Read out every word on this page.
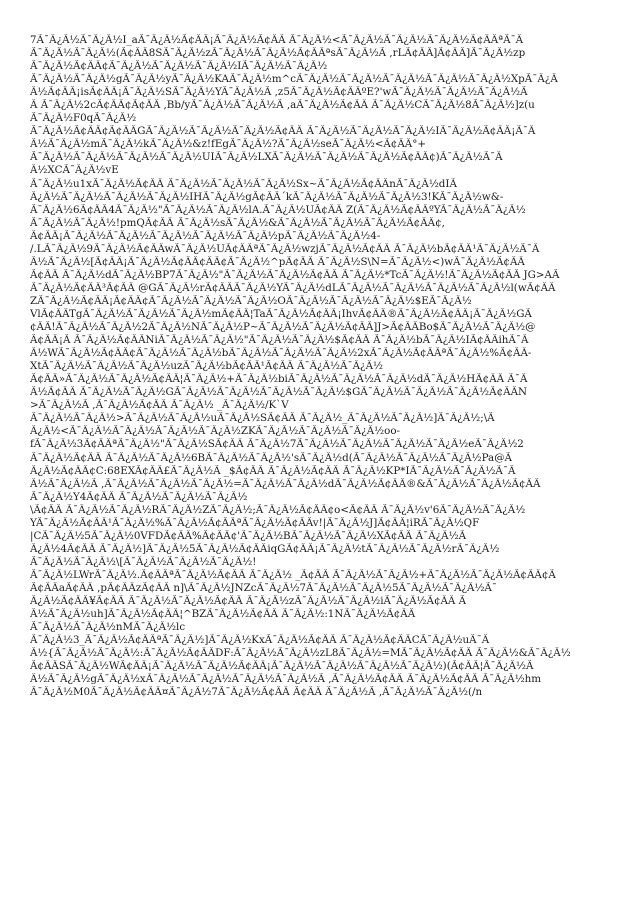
7Ã¯Â¿Â½Ã¯Â¿Â½I_aÃ¯Â¿Â½Ã¢ÂÂ¡Ã¯Â¿Â½Ã¢ÂÂ Ã¯Â¿Â½<Ã¯Â¿Â½Ã¯Â¿Â½Ã¯Â¿Â½Ã¢ÂÂªÃ¯Â
Ã¯Â¿Â½Ã¯Â¿Â½(Ã¢ÂÂ8SÃ¯Â¿Â½zÃ¯Â¿Â½Ã¯Â¿Â½Ã¢ÂÂªsÃ¯Â¿Â½Ã ,rLÃ¢ÂÂ]Ã¢ÂÂ]Ã¯Â¿Â½zp
Ã¯Â¿Â½Ã¢ÂÂ¢Ã¯Â¿Â½Ã¯Â¿Â½Ã¯Â¿Â½IÃ¯Â¿Â½Ã¯Â¿Â½
Ã¯Â¿Â½Ã¯Â¿Â½gÃ¯Â¿Â½yÃ¯Â¿Â½KAÃ¯Â¿Â½m^cÃ¯Â¿Â½Ã¯Â¿Â½Ã¯Â¿Â½Ã¯Â¿Â½Ã¯Â¿Â½XpÃ¯Â¿Â
Â½Ã¢ÂÂ¡isÃ¢ÂÂ¡Ã¯Â¿Â½SÃ¯Â¿Â½YÃ¯Â¿Â½Ã ,z5Ã¯Â¿Â½Ã¢ÂÂºE?'wÃ¯Â¿Â½Ã¯Â¿Â½Ã¯Â¿Â½Ã
Â Ã¯Â¿Â½2cÃ¢ÂÂ¢Ã¢ÂÂ ,Bb/yÃ¯Â¿Â½Ã¯Â¿Â½Ã ,aÃ¯Â¿Â½Ã¢ÂÂ Ã¯Â¿Â½CÃ¯Â¿Â½8Ã¯Â¿Â½]z(u
Ã¯Â¿Â½F0qÃ¯Â¿Â½
Ã¯Â¿Â½Ã¢ÂÂ¢Ã¢ÂÂGÃ¯Â¿Â½Ã¯Â¿Â½Ã¯Â¿Â½Ã¢ÂÂ Ã¯Â¿Â½Ã¯Â¿Â½Ã¯Â¿Â½IÃ¯Â¿Â½Ã¢ÂÂ¡Ã¯Â
Â½Ã¯Â¿Â½mÃ¯Â¿Â½kÃ¯Â¿Â½&z!fEgÃ¯Â¿Â½?Ã¯Â¿Â½seÃ¯Â¿Â½<Ã¢ÂÂ°+
Ã¯Â¿Â½Ã¯Â¿Â½Ã¯Â¿Â½Ã¯Â¿Â½UIÃ¯Â¿Â½LXÃ¯Â¿Â½Ã¯Â¿Â½Ã¯Â¿Â½Ã¢ÂÂ¢)Ã¯Â¿Â½Ã¯Â
Â½XCÃ¯Â¿Â½vE
Ã¯Â¿Â½u1xÃ¯Â¿Â½Ã¢ÂÂ Ã¯Â¿Â½Ã¯Â¿Â½Ã¯Â¿Â½Sx~Ã¯Â¿Â½Ã¢ÂÂnÃ¯Â¿Â½dIÃ
Â¿Â½Ã¯Â¿Â½Ã¯Â¿Â½Ã¯Â¿Â½IHÃ¯Â¿Â½gÃ¢ÂÂ´kÃ¯Â¿Â½Ã¯Â¿Â½Ã¯Â¿Â½3!KÃ¯Â¿Â½w&-
Ã¯Â¿Â½6Ã¢ÂÂ4Ã¯Â¿Â½"Ã¯Â¿Â½Ã¯Â¿Â½lA.Ã¯Â¿Â½UÃ¢ÂÂ Z(Ã¯Â¿Â½Ã¢ÂÂºYÃ¯Â¿Â½Ã¯Â¿Â½
Ã¯Â¿Â½Ã¯Â¿Â½!pmQÃ¢ÂÂ Ã¯Â¿Â½sÃ¯Â¿Â½&Ã¯Â¿Â½Ã¯Â¿Â½Ã¯Â¿Â½Ã¢ÂÂ¢,
Â¢ÂÂ¡Ã¯Â¿Â½Ã¯Â¿Â½Ã¯Â¿Â½Ã¯Â¿Â½Ã¯Â¿Â½pÃ¯Â¿Â½Ã¯Â¿Â½4-
/.LÃ¯Â¿Â½9Ã¯Â¿Â½Ã¢ÂÂwÃ¯Â¿Â½UÃ¢ÂÂªÃ¯Â¿Â½wzjÃ¯Â¿Â½Ã¢ÂÂ Ã¯Â¿Â½bÃ¢ÂÂ¹Ã¯Â¿Â½Ã¯Â
Â½Ã¯Â¿Â½[Ã¢ÂÂ¡Ã¯Â¿Â½Ã¢ÂÂ¢ÂÂ¢Ã¯Â¿Â½^pÃ¢ÂÂ Ã¯Â¿Â½S\N=Ã¯Â¿Â½<)wÃ¯Â¿Â½Ã¢ÂÂ
Ã¢ÂÂ Ã¯Â¿Â½dÃ¯Â¿Â½BP7Ã¯Â¿Â½"Ã¯Â¿Â½Ã¯Â¿Â½Ã¢ÂÂ Ã¯Â¿Â½*TcÃ¯Â¿Â½!Ã¯Â¿Â½Ã¢ÂÂ JG>AÃ
Ã¯Â¿Â½Ã¢ÂÂ³Ã¢ÂÂ @GÃ¯Â¿Â½rÃ¢ÂÂÃ¯Â¿Â½YÃ¯Â¿Â½dLÃ¯Â¿Â½Ã¯Â¿Â½Ã¯Â¿Â½Ã¯Â¿Â½l(wÃ¢ÂÂ
ZÃ¯Â¿Â½Ã¢ÂÂ¡Ã¢ÂÂ¢Ã¯Â¿Â½Ã¯Â¿Â½Ã¯Â¿Â½OÃ¯Â¿Â½Ã¯Â¿Â½Ã¯Â¿Â½$EÃ¯Â¿Â½
VlÃ¢ÂÂTgÃ¯Â¿Â½Ã¯Â¿Â½Ã¯Â¿Â½mÃ¢ÂÂ¦TaÃ¯Â¿Â½Ã¢ÂÂ¡IhvÃ¢ÂÂ®Ã¯Â¿Â½Ã¢ÂÂ¡Ã¯Â¿Â½GÃ
¢ÂÂ!Ã¯Â¿Â½Ã¯Â¿Â½2Ã¯Â¿Â½NÃ¯Â¿Â½P~Ã¯Â¿Â½Ã¯Â¿Â½Ã¢ÂÂ]J>Ã¢ÂÂBo$Ã¯Â¿Â½Ã¯Â¿Â½@
Ã¢ÂÂ¡Ã Ã¯Â¿Â½Ã¢ÂÂNiÃ¯Â¿Â½Ã¯Â¿Â½"Ã¯Â¿Â½Ã¯Â¿Â½$Ã¢ÂÂ Ã¯Â¿Â½bÃ¯Â¿Â½IÃ¢ÂÂihÃ¯Â
Â½WÃ¯Â¿Â½Ã¢ÂÂ¢Ã¯Â¿Â½Ã¯Â¿Â½bÃ¯Â¿Â½Ã¯Â¿Â½Ã¯Â¿Â½2xÃ¯Â¿Â½Ã¢ÂÂªÃ¯Â¿Â½%Ã¢ÂÂ-
XtÃ¯Â¿Â½Ã¯Â¿Â½Ã¯Â¿Â½uzÃ¯Â¿Â½bÃ¢ÂÂ¹Ã¢ÂÂ Ã¯Â¿Â½Ã¯Â¿Â½
Ã¢ÂÂ»Ã¯Â¿Â½Ã¯Â¿Â½Ã¢ÂÂ¦Ã¯Â¿Â½+Ã¯Â¿Â½biÃ¯Â¿Â½Ã¯Â¿Â½Ã¯Â¿Â½dÃ¯Â¿Â½HÃ¢ÂÂ Ã¯Â
Â½Ã¢ÂÂ Ã¯Â¿Â½Ã¯Â¿Â½GÃ¯Â¿Â½Ã¯Â¿Â½Ã¯Â¿Â½Ã¯Â¿Â½$GÃ¯Â¿Â½Ã¯Â¿Â½Ã¯Â¿Â½Ã¢ÂÂN
>Ã¯Â¿Â½Ã ,Ã¯Â¿Â½Ã¢ÂÂ Ã¯Â¿Â½ _Ã¯Â¿Â½/K`V
Ã¯Â¿Â½Ã¯Â¿Â½>Ã¯Â¿Â½Ã¯Â¿Â½uÃ¯Â¿Â½SÃ¢ÂÂ Ã¯Â¿Â½_Ã¯Â¿Â½Ã¯Â¿Â½]Ã¯Â¿Â½;\Ã
Â¿Â½<Ã¯Â¿Â½Ã¯Â¿Â½Ã¯Â¿Â½Ã¯Â¿Â½ZKÃ¯Â¿Â½Ã¯Â¿Â½Ã¯Â¿Â½oo-
fÃ¯Â¿Â½3Ã¢ÂÂªÃ¯Â¿Â½"Ã¯Â¿Â½SÃ¢ÂÂ Ã¯Â¿Â½7Ã¯Â¿Â½Ã¯Â¿Â½Ã¯Â¿Â½Ã¯Â¿Â½eÃ¯Â¿Â½2
Ã¯Â¿Â½Ã¢ÂÂ Ã¯Â¿Â½Ã¯Â¿Â½6BÃ¯Â¿Â½Ã¯Â¿Â½'sÃ¯Â¿Â½d(Ã¯Â¿Â½Ã¯Â¿Â½Ã¯Â¿Â½Pa@Ã
Â¿Â½Ã¢ÂÂ¢C:68EXÃ¢ÂÂ£Ã¯Â¿Â½Ã _$Ã¢ÂÂ Ã¯Â¿Â½Ã¢ÂÂ Ã¯Â¿Â½KP*IÃ¯Â¿Â½Ã¯Â¿Â½Ã¯Â
Â½Ã¯Â¿Â½Ã ,Ã¯Â¿Â½Ã¯Â¿Â½Ã¯Â¿Â½=Ã¯Â¿Â½Ã¯Â¿Â½dÃ¯Â¿Â½Ã¢ÂÂ®&Ã¯Â¿Â½Ã¯Â¿Â½Ã¢ÂÂ
Ã¯Â¿Â½Y4Ã¢ÂÂ Ã¯Â¿Â½Ã¯Â¿Â½Ã¯Â¿Â½
\Ã¢ÂÂ Ã¯Â¿Â½Ã¯Â¿Â½RÃ¯Â¿Â½ZÃ¯Â¿Â½;Ã¯Â¿Â½Ã¢ÂÂ¢o<Ã¢ÂÂ Ã¯Â¿Â½v'6Ã¯Â¿Â½Ã¯Â¿Â½
YÃ¯Â¿Â½Ã¢ÂÂ¹Ã¯Â¿Â½%Ã¯Â¿Â½Ã¢ÂÂªÃ¯Â¿Â½Ã¢ÂÂv!|Ã¯Â¿Â½J]Ã¢ÂÂ¦iRÃ¯Â¿Â½QF
|CÃ¯Â¿Â½5Ã¯Â¿Â½0VFDÃ¢ÂÂ%Ã¢ÂÂ¢'Ã¯Â¿Â½BÃ¯Â¿Â½Ã¯Â¿Â½XÃ¢ÂÂ Ã¯Â¿Â½Ã
Â¿Â½4Ã¢ÂÂ Ã¯Â¿Â½]Ã¯Â¿Â½5Ã¯Â¿Â½Ã¢ÂÂiqGÃ¢ÂÂ¡Ã¯Â¿Â½tÃ¯Â¿Â½Ã¯Â¿Â½rÃ¯Â¿Â½
Ã¯Â¿Â½Ã¯Â¿Â½\[Ã¯Â¿Â½Ã¯Â¿Â½Ã¯Â¿Â½!
Ã¯Â¿Â½LWrÃ¯Â¿Â½.Ã¢ÂÂªÃ¯Â¿Â½Ã¢ÂÂ Ã¯Â¿Â½ _Ã¢ÂÂ Ã¯Â¿Â½Ã¯Â¿Â½+Ã¯Â¿Â½Ã¯Â¿Â½Ã¢ÂÂ¢Ã
Ã¢ÂÂaÃ¢ÂÂ ,pÃ¢ÂÂzÃ¢ÂÂ n]\Ã¯Â¿Â½JNZcÃ¯Â¿Â½7Ã¯Â¿Â½Ã¯Â¿Â½5Ã¯Â¿Â½Ã¯Â¿Â½Ã¯
Â¿Â½Ã¢ÂÂ¥Ã¢ÂÂ Ã¯Â¿Â½Ã¯Â¿Â½Ã¢ÂÂ Ã¯Â¿Â½zÃ¯Â¿Â½Ã¯Â¿Â½iÃ¯Â¿Â½Ã¢ÂÂ Ã
Â½Ã¯Â¿Â½uh]Ã¯Â¿Â½Ã¢ÂÂ¦^BZÃ¯Â¿Â½Ã¢ÂÂ Ã¯Â¿Â½:1NÃ¯Â¿Â½Ã¢ÂÂ
Ã¯Â¿Â½Ã¯Â¿Â½nMÃ¯Â¿Â½lc
Ã¯Â¿Â½3_Ã¯Â¿Â½Ã¢ÂÂªÃ¯Â¿Â½]Ã¯Â¿Â½KxÃ¯Â¿Â½Ã¢ÂÂ Ã¯Â¿Â½Ã¢ÂÂCÃ¯Â¿Â½uÃ¯Â
Â½{Ã¯Â¿Â½Ã¯Â¿Â½:Ã¯Â¿Â½Ã¢ÂÂDF:Ã¯Â¿Â½Ã¯Â¿Â½zL8Ã¯Â¿Â½=MÃ¯Â¿Â½Ã¢ÂÂ Ã¯Â¿Â½&Ã¯Â¿Â½
Ã¢ÂÂSÃ¯Â¿Â½WÃ¢ÂÂ¡Ã¯Â¿Â½Ã¯Â¿Â½Ã¢ÂÂ¡Ã¯Â¿Â½Ã¯Â¿Â½Ã¯Â¿Â½Ã¯Â¿Â½)(Ã¢ÂÂ¦Ã¯Â¿Â½Ã
Â½Ã¯Â¿Â½gÃ¯Â¿Â½xÃ¯Â¿Â½Ã¯Â¿Â½Ã¯Â¿Â½Ã¯Â¿Â½Ã ,Ã¯Â¿Â½Ã¢ÂÂ Ã¯Â¿Â½Ã¢ÂÂ Ã¯Â¿Â½hm
Ã¯Â¿Â½M0Ã¯Â¿Â½Ã¢ÂÂ¤Ã¯Â¿Â½7Ã¯Â¿Â½Ã¢ÂÂ Ã¢ÂÂ Ã¯Â¿Â½Ã ,Ã¯Â¿Â½Ã¯Â¿Â½(/n
